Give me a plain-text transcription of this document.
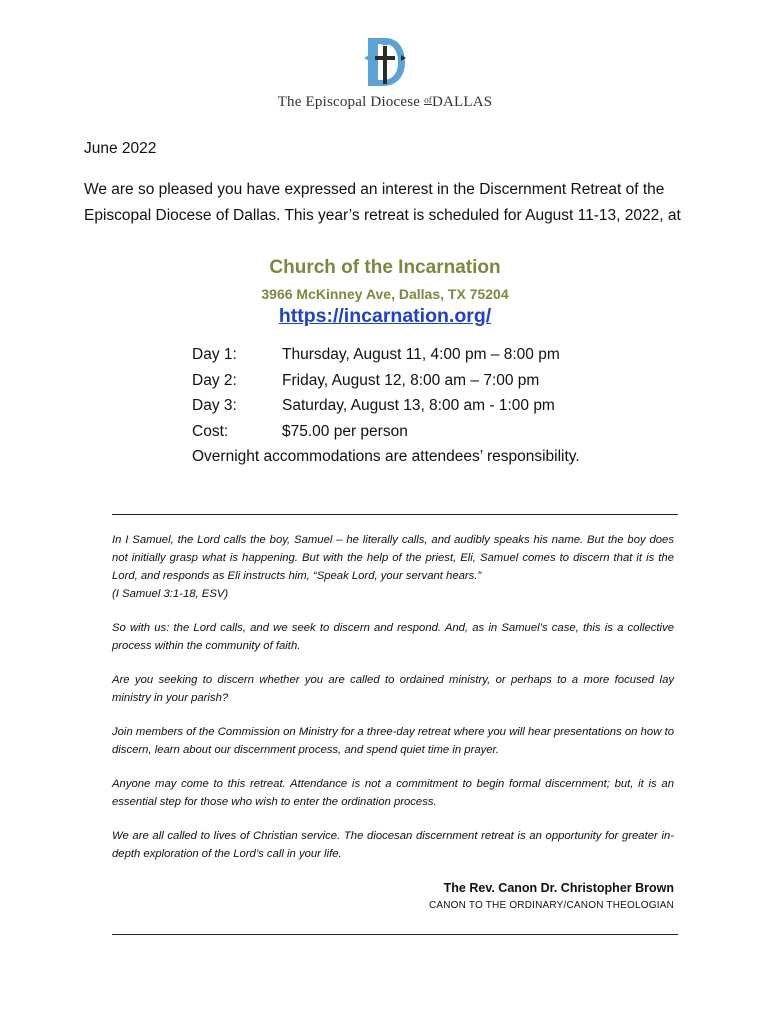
The Episcopal Diocese $^{of}$DALLAS
June 2022
We are so pleased you have expressed an interest in the Discernment Retreat of the Episcopal Diocese of Dallas. This year’s retreat is scheduled for August 11-13, 2022, at
Church of the Incarnation
3966 McKinney Ave, Dallas, TX 75204
https://incarnation.org/
Day 1:	Thursday, August 11, 4:00 pm – 8:00 pm
Day 2:	Friday, August 12, 8:00 am – 7:00 pm
Day 3:	Saturday, August 13, 8:00 am - 1:00 pm
Cost:	$75.00 per person
Overnight accommodations are attendees’ responsibility.

In I Samuel, the Lord calls the boy, Samuel – he literally calls, and audibly speaks his name. But the boy does not initially grasp what is happening. But with the help of the priest, Eli, Samuel comes to discern that it is the Lord, and responds as Eli instructs him, “Speak Lord, your servant hears.”
(I Samuel 3:1-18, ESV)

So with us: the Lord calls, and we seek to discern and respond. And, as in Samuel’s case, this is a collective process within the community of faith.

Are you seeking to discern whether you are called to ordained ministry, or perhaps to a more focused lay ministry in your parish?

Join members of the Commission on Ministry for a three-day retreat where you will hear presentations on how to discern, learn about our discernment process, and spend quiet time in prayer.

Anyone may come to this retreat. Attendance is not a commitment to begin formal discernment; but, it is an essential step for those who wish to enter the ordination process.

We are all called to lives of Christian service. The diocesan discernment retreat is an opportunity for greater in-depth exploration of the Lord’s call in your life.

The Rev. Canon Dr. Christopher Brown
CANON TO THE ORDINARY/CANON THEOLOGIAN
